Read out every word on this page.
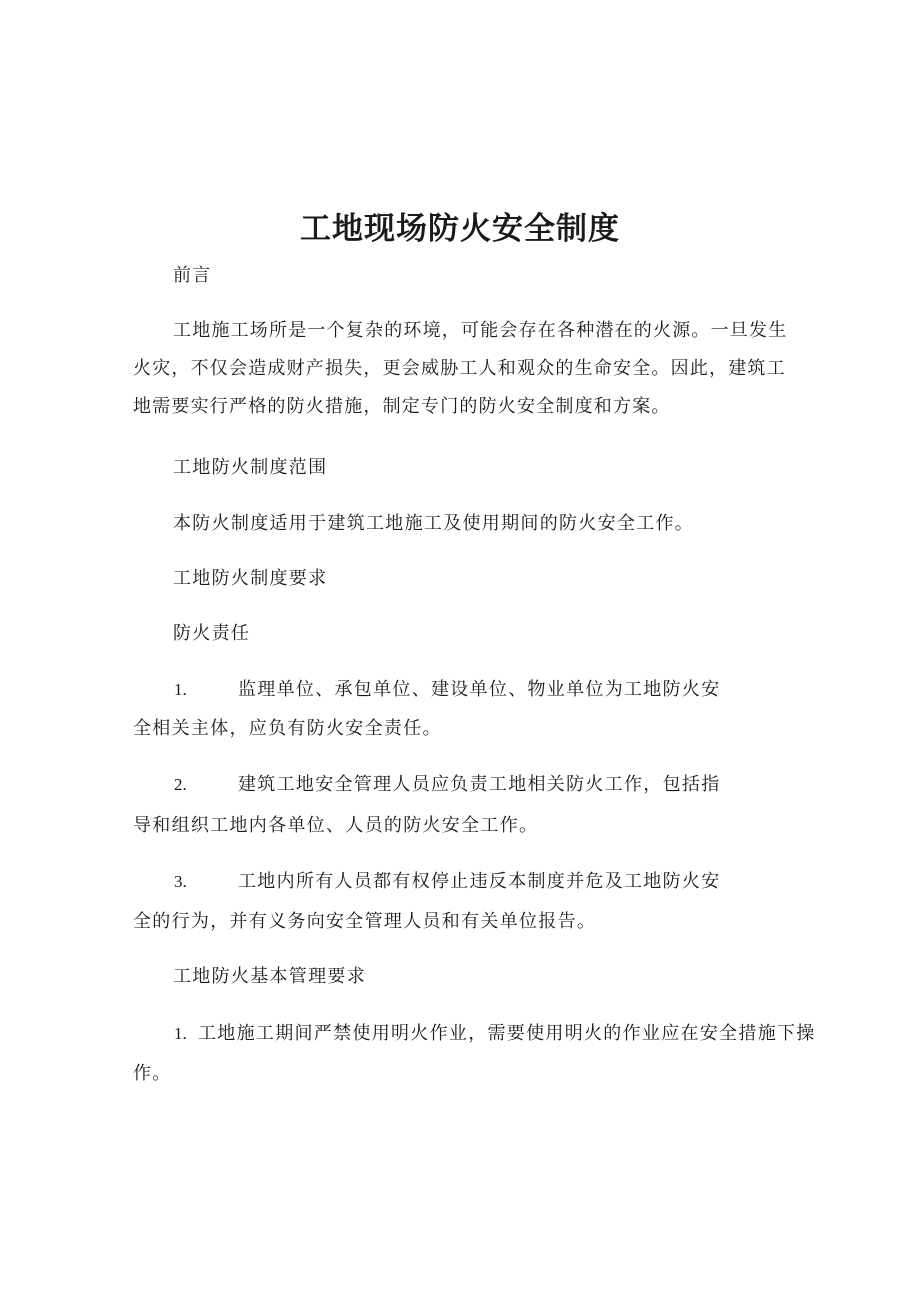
工地现场防火安全制度
前言

工地施工场所是一个复杂的环境，可能会存在各种潜在的火源。一旦发生火灾，不仅会造成财产损失，更会威胁工人和观众的生命安全。因此，建筑工地需要实行严格的防火措施，制定专门的防火安全制度和方案。

工地防火制度范围
本防火制度适用于建筑工地施工及使用期间的防火安全工作。
工地防火制度要求
防火责任
1.	监理单位、承包单位、建设单位、物业单位为工地防火安
全相关主体，应负有防火安全责任。
2.	建筑工地安全管理人员应负责工地相关防火工作，包括指
导和组织工地内各单位、人员的防火安全工作。
3.	工地内所有人员都有权停止违反本制度并危及工地防火安
全的行为，并有义务向安全管理人员和有关单位报告。
工地防火基本管理要求
1. 工地施工期间严禁使用明火作业，需要使用明火的作业应在安全措施下操
作。
